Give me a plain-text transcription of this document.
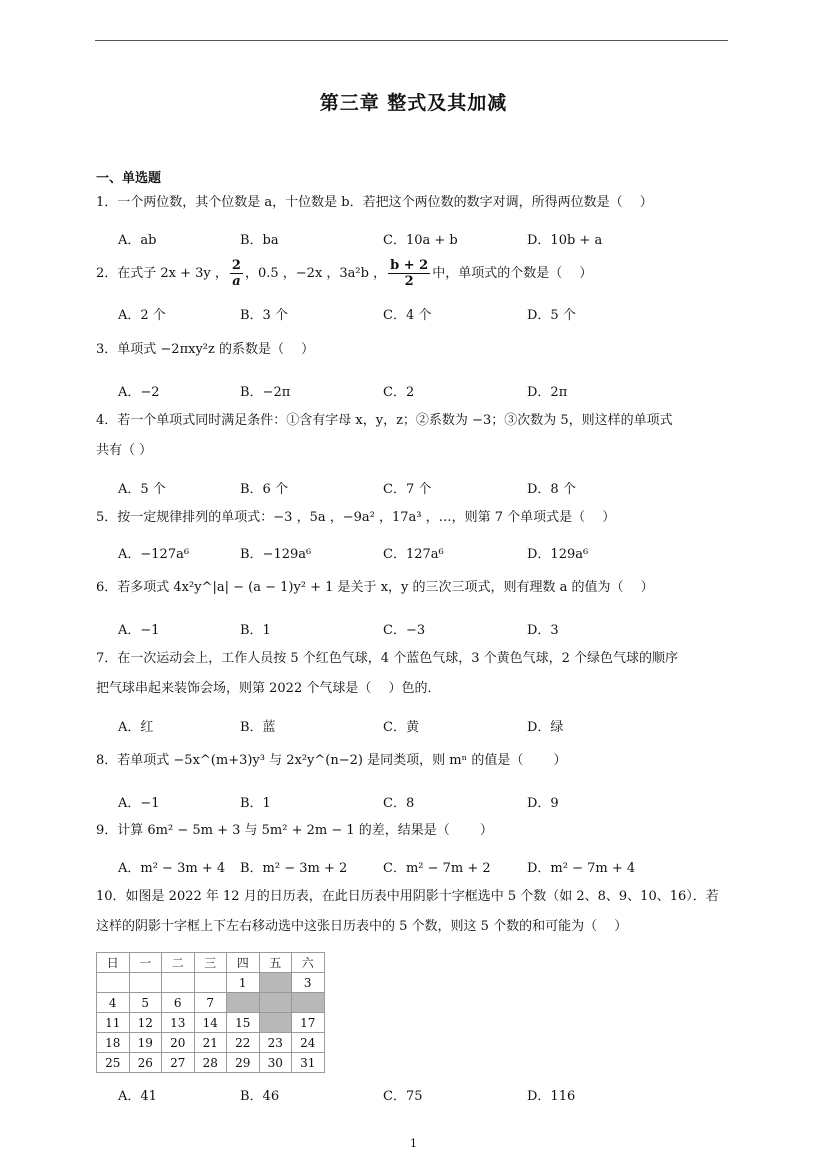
第三章 整式及其加减
一、单选题
1．一个两位数，其个位数是 a，十位数是 b．若把这个两位数的数字对调，所得两位数是（　 ）
A．ab	B．ba	C．10a + b	D．10b + a
2．在式子 2x + 3y ， $\frac{2}{a}$ ，0.5 ，−2x ，3a²b ， $\frac{b + 2}{2}$ 中，单项式的个数是（　 ）
A．2 个	B．3 个	C．4 个	D．5 个
3．单项式 −2πxy²z 的系数是（　 ）
A．−2	B．−2π	C．2	D．2π
4．若一个单项式同时满足条件：①含有字母 x，y，z；②系数为 −3；③次数为 5，则这样的单项式
共有（ ）
A．5 个	B．6 个	C．7 个	D．8 个
5．按一定规律排列的单项式：−3 ，5a ，−9a² ，17a³ ，…，则第 7 个单项式是（　 ）
A．−127a⁶	B．−129a⁶	C．127a⁶	D．129a⁶
6．若多项式 4x²y^|a| − (a − 1)y² + 1 是关于 x，y 的三次三项式，则有理数 a 的值为（　 ）
A．−1	B．1	C．−3	D．3
7．在一次运动会上，工作人员按 5 个红色气球，4 个蓝色气球，3 个黄色气球，2 个绿色气球的顺序
把气球串起来装饰会场，则第 2022 个气球是（　 ）色的．
A．红	B．蓝	C．黄	D．绿
8．若单项式 −5x^(m+3)y³ 与 2x²y^(n−2) 是同类项，则 mⁿ 的值是（　　 ）
A．−1	B．1	C．8	D．9
9．计算 6m² − 5m + 3 与 5m² + 2m − 1 的差，结果是（　　 ）
A．m² − 3m + 4 B．m² − 3m + 2	C．m² − 7m + 2	D．m² − 7m + 4
10．如图是 2022 年 12 月的日历表，在此日历表中用阴影十字框选中 5 个数（如 2、8、9、10、16）．若
这样的阴影十字框上下左右移动选中这张日历表中的 5 个数，则这 5 个数的和可能为（　 ）
日	一	二	三	四	五	六
				1		3
4	5	6	7			
11	12	13	14	15		17
18	19	20	21	22	23	24
25	26	27	28	29	30	31
A．41	B．46	C．75	D．116
1
